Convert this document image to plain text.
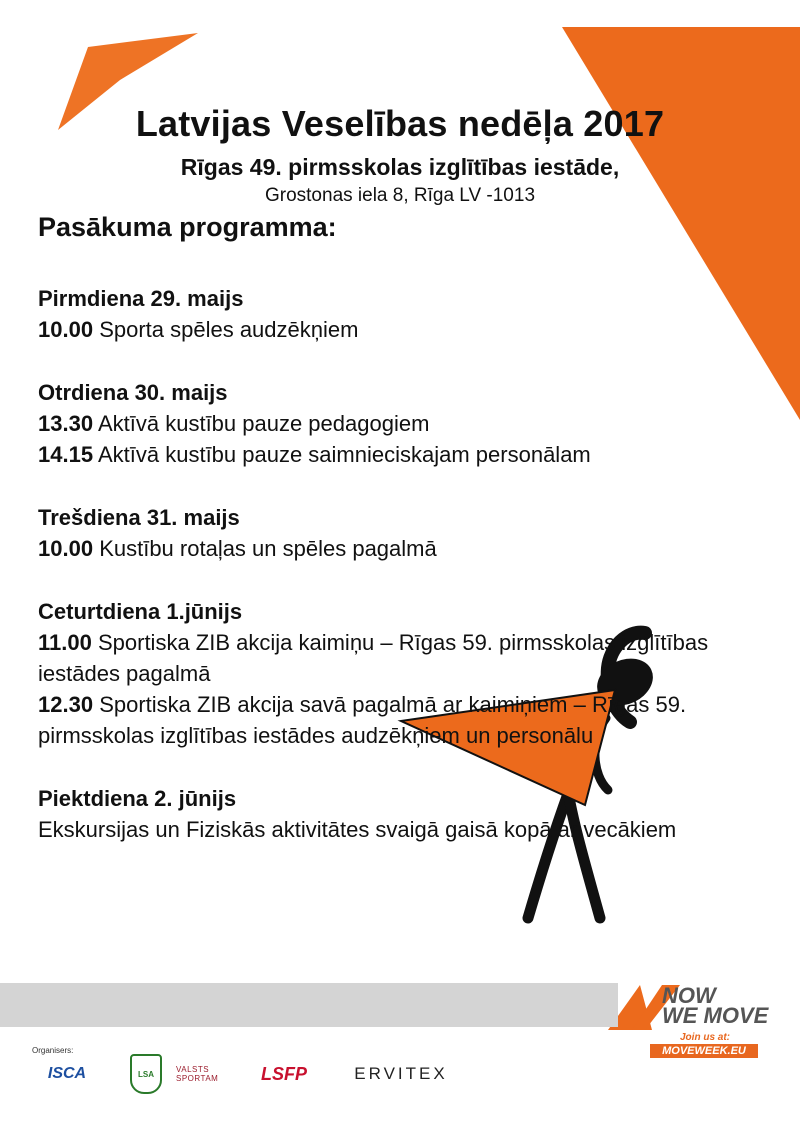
Latvijas Veselības nedēļa 2017
Rīgas 49. pirmsskolas izglītības iestāde,
Grostonas iela 8, Rīga LV -1013
Pasākuma programma:
Pirmdiena 29. maijs
10.00 Sporta spēles audzēkņiem
Otrdiena 30. maijs
13.30 Aktīvā kustību pauze pedagogiem
14.15 Aktīvā kustību pauze saimnieciskajam personālam
Trešdiena 31. maijs
10.00 Kustību rotaļas un spēles pagalmā
Ceturtdiena 1.jūnijs
11.00 Sportiska ZIB akcija kaimiņu – Rīgas 59. pirmsskolas izglītības iestādes pagalmā
12.30 Sportiska ZIB akcija savā pagalmā ar kaimiņiem – Rīgas 59. pirmsskolas izglītības iestādes audzēkņiem un personālu
Piektdiena 2. jūnijs
Ekskursijas un Fiziskās aktivitātes svaigā gaisā kopā ar vecākiem
NOW
WE MOVE
Join us at:
MOVEWEEK.EU
Organisers:
ISCA	LSA	VALSTS SPORTAM	LSFP	ERVITEX
